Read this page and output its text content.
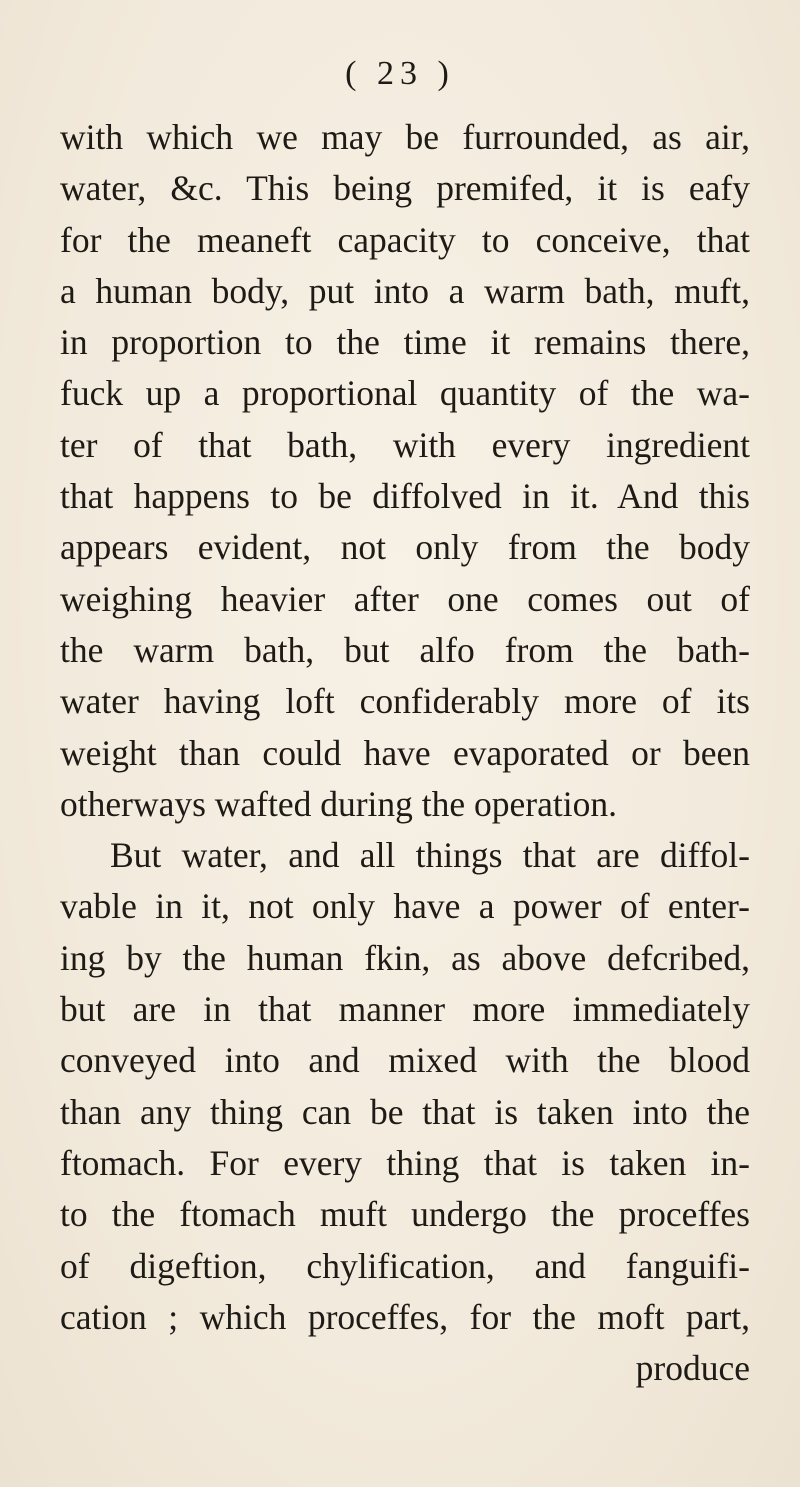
( 23 )
with which we may be furrounded, as air,
water, &c. This being premifed, it is eafy
for the meaneft capacity to conceive, that
a human body, put into a warm bath, muft,
in proportion to the time it remains there,
fuck up a proportional quantity of the wa-
ter of that bath, with every ingredient
that happens to be diffolved in it. And this
appears evident, not only from the body
weighing heavier after one comes out of
the warm bath, but alfo from the bath-
water having loft confiderably more of its
weight than could have evaporated or been
otherways wafted during the operation.
But water, and all things that are diffol-
vable in it, not only have a power of enter-
ing by the human fkin, as above defcribed,
but are in that manner more immediately
conveyed into and mixed with the blood
than any thing can be that is taken into the
ftomach. For every thing that is taken in-
to the ftomach muft undergo the proceffes
of digeftion, chylification, and fanguifi-
cation ; which proceffes, for the moft part,
produce
